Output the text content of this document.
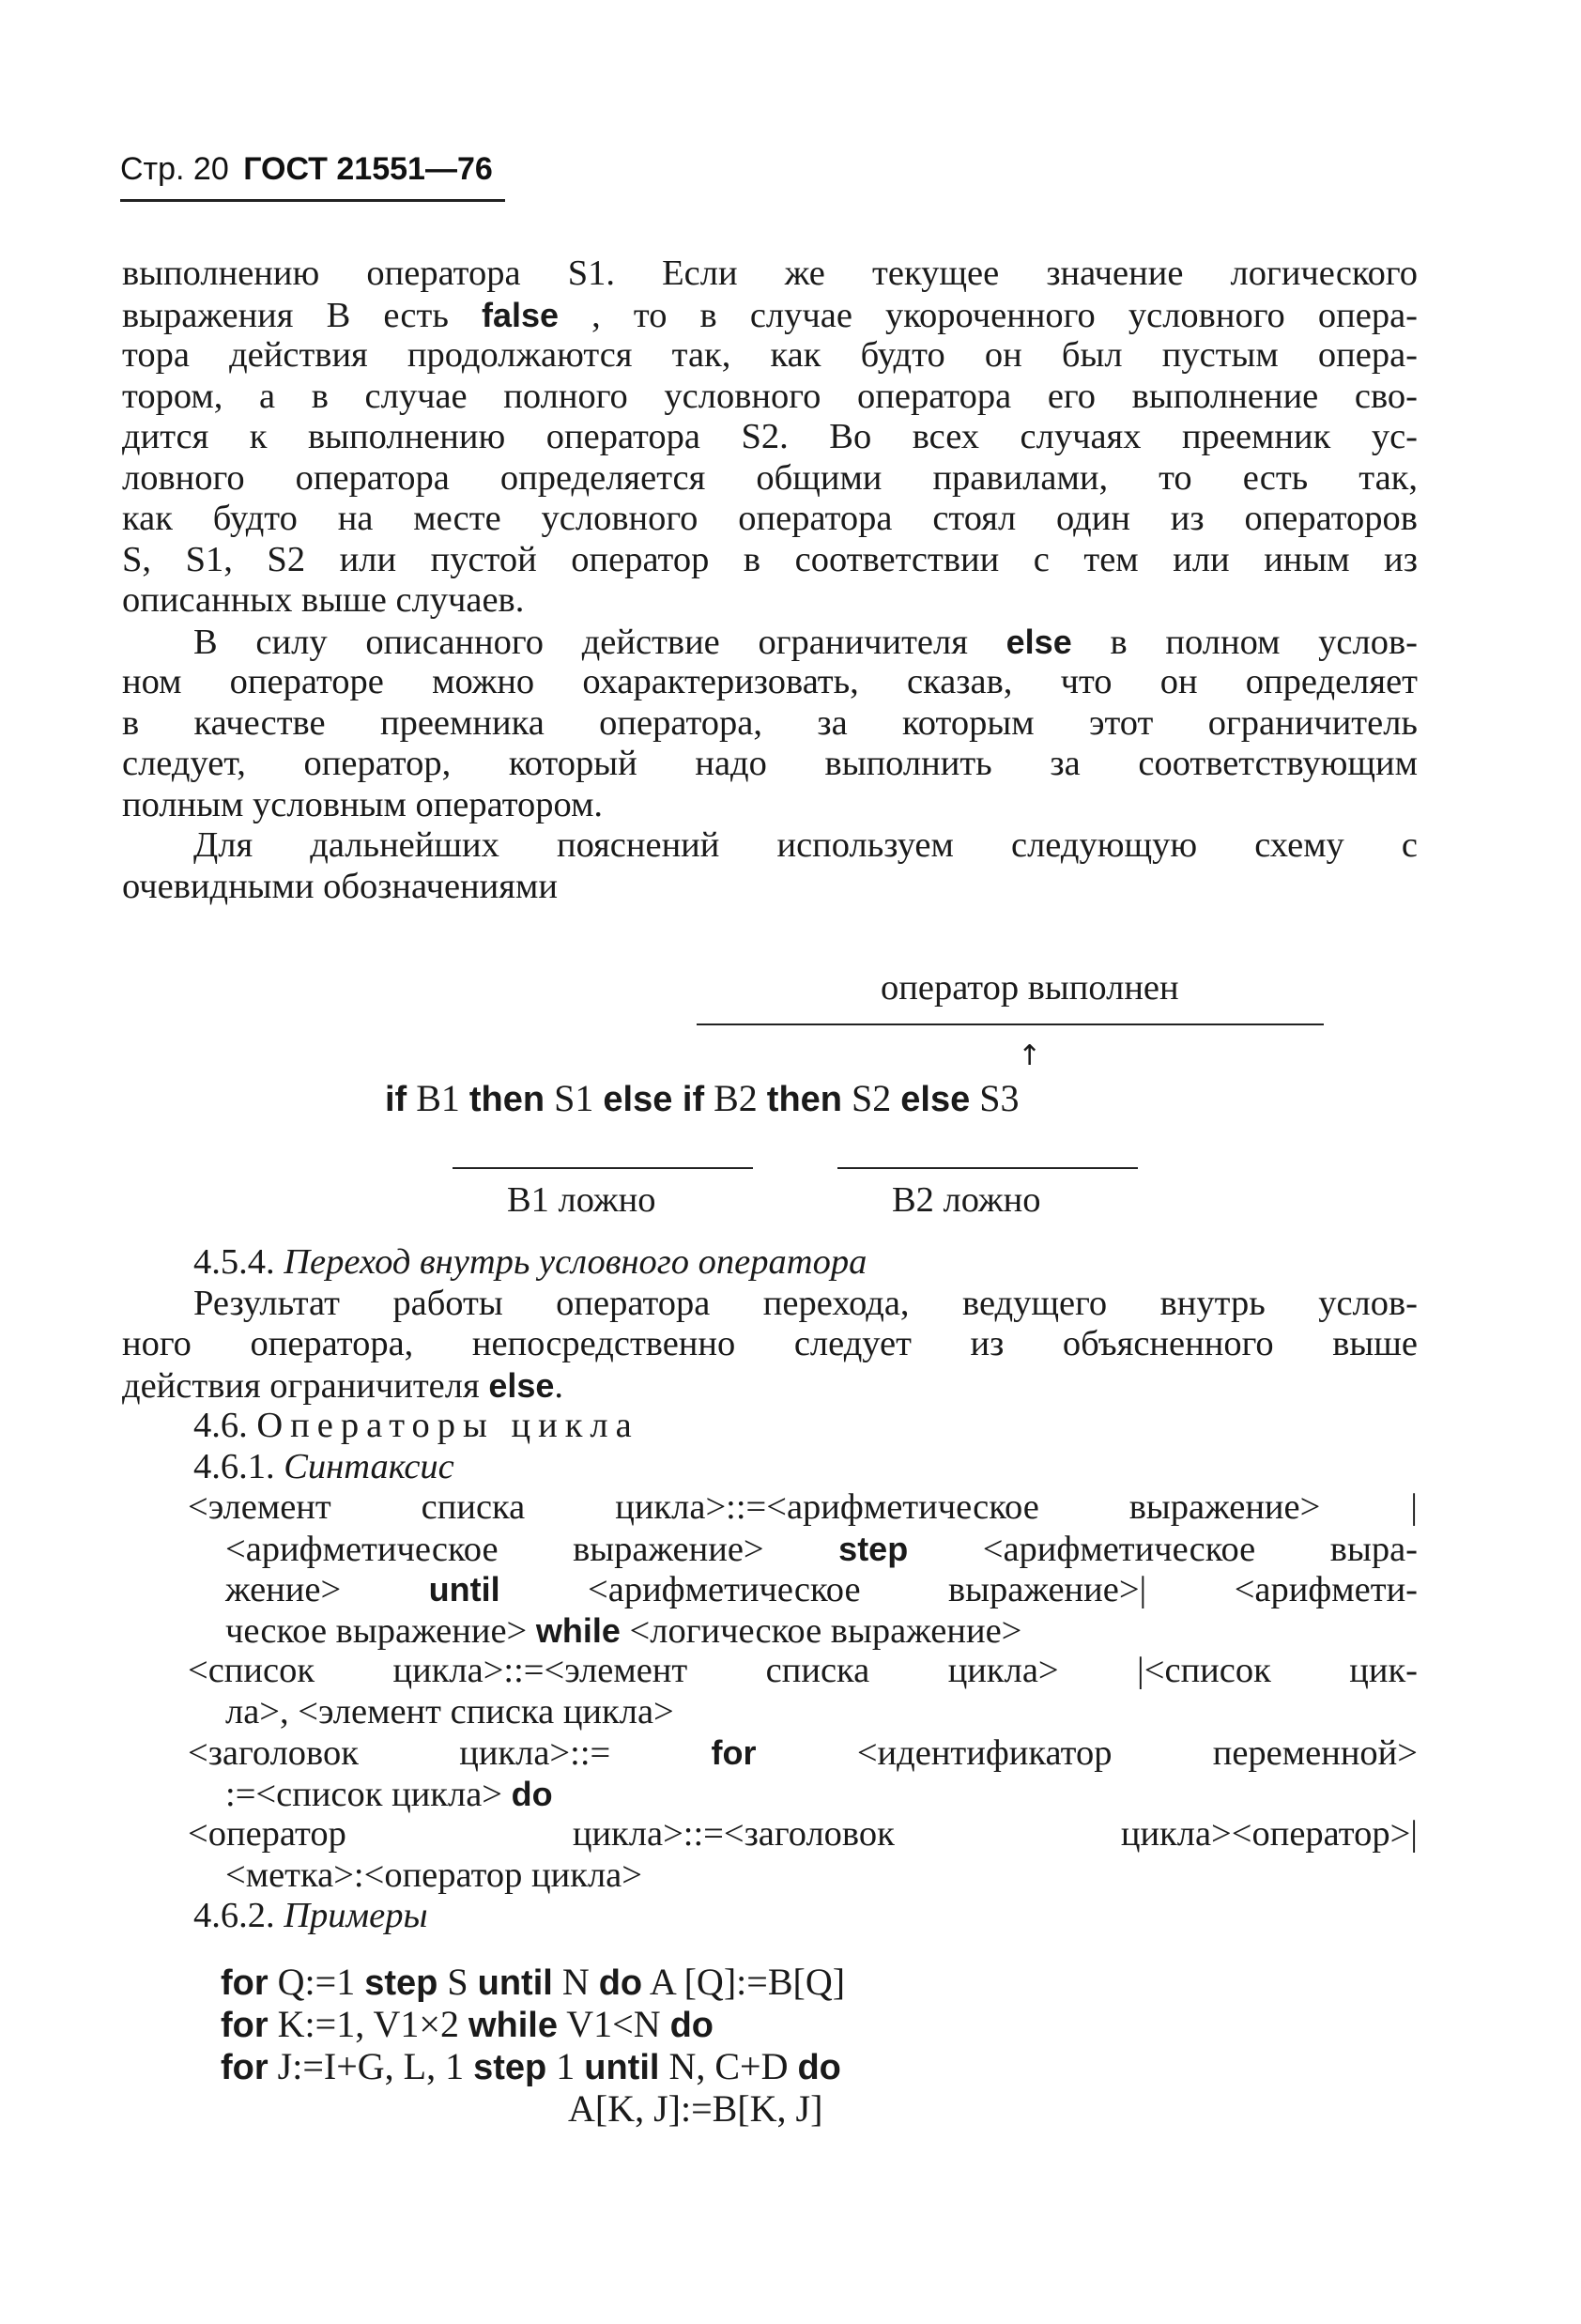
Стр. 20 ГОСТ 21551—76
выполнению оператора S1. Если же текущее значение логического
выражения B есть false , то в случае укороченного условного опера-
тора действия продолжаются так, как будто он был пустым опера-
тором, а в случае полного условного оператора его выполнение сво-
дится к выполнению оператора S2. Во всех случаях преемник ус-
ловного оператора определяется общими правилами, то есть так,
как будто на месте условного оператора стоял один из операторов
S, S1, S2 или пустой оператор в соответствии с тем или иным из
описанных выше случаев.
В силу описанного действие ограничителя else в полном услов-
ном операторе можно охарактеризовать, сказав, что он определяет
в качестве преемника оператора, за которым этот ограничитель
следует, оператор, который надо выполнить за соответствующим
полным условным оператором.
Для дальнейших пояснений используем следующую схему с
очевидными обозначениями
оператор выполнен
↑
if B1 then S1 else if B2 then S2 else S3
B1 ложно	B2 ложно
4.5.4. Переход внутрь условного оператора
Результат работы оператора перехода, ведущего внутрь услов-
ного оператора, непосредственно следует из объясненного выше
действия ограничителя else.
4.6. Операторы цикла
4.6.1. Синтаксис
<элемент списка цикла>::=<арифметическое выражение> |
<арифметическое выражение> step <арифметическое выра-
жение> until <арифметическое выражение>| <арифмети-
ческое выражение> while <логическое выражение>
<список цикла>::=<элемент списка цикла> |<список цик-
ла>, <элемент списка цикла>
<заголовок цикла>::= for <идентификатор переменной>
:=<список цикла> do
<оператор цикла>::=<заголовок цикла><оператор>|
<метка>:<оператор цикла>
4.6.2. Примеры
for Q:=1 step S until N do A [Q]:=B[Q]
for K:=1, V1×2 while V1<N do
for J:=I+G, L, 1 step 1 until N, C+D do
A[K, J]:=B[K, J]
